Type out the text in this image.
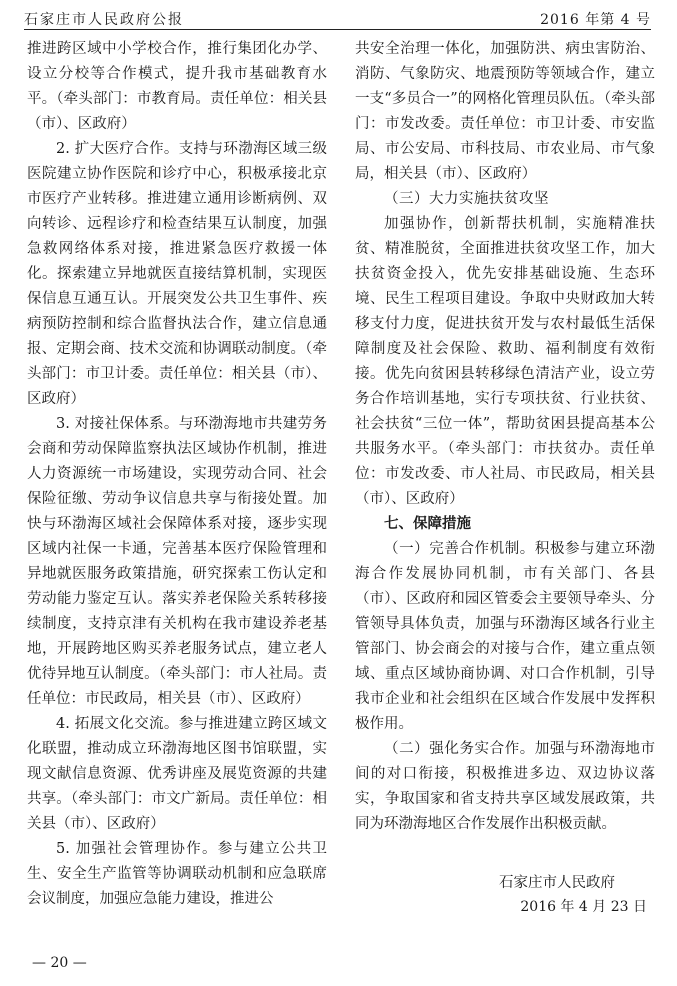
石家庄市人民政府公报	2016 年第 4 号

推进跨区域中小学校合作，推行集团化办学、设立分校等合作模式，提升我市基础教育水平。（牵头部门：市教育局。责任单位：相关县（市）、区政府）

2. 扩大医疗合作。支持与环渤海区域三级医院建立协作医院和诊疗中心，积极承接北京市医疗产业转移。推进建立通用诊断病例、双向转诊、远程诊疗和检查结果互认制度，加强急救网络体系对接，推进紧急医疗救援一体化。探索建立异地就医直接结算机制，实现医保信息互通互认。开展突发公共卫生事件、疾病预防控制和综合监督执法合作，建立信息通报、定期会商、技术交流和协调联动制度。（牵头部门：市卫计委。责任单位：相关县（市）、区政府）

3. 对接社保体系。与环渤海地市共建劳务会商和劳动保障监察执法区域协作机制，推进人力资源统一市场建设，实现劳动合同、社会保险征缴、劳动争议信息共享与衔接处置。加快与环渤海区域社会保障体系对接，逐步实现区域内社保一卡通，完善基本医疗保险管理和异地就医服务政策措施，研究探索工伤认定和劳动能力鉴定互认。落实养老保险关系转移接续制度，支持京津有关机构在我市建设养老基地，开展跨地区购买养老服务试点，建立老人优待异地互认制度。（牵头部门：市人社局。责任单位：市民政局，相关县（市）、区政府）

4. 拓展文化交流。参与推进建立跨区域文化联盟，推动成立环渤海地区图书馆联盟，实现文献信息资源、优秀讲座及展览资源的共建共享。（牵头部门：市文广新局。责任单位：相关县（市）、区政府）

5. 加强社会管理协作。参与建立公共卫生、安全生产监管等协调联动机制和应急联席会议制度，加强应急能力建设，推进公

共安全治理一体化，加强防洪、病虫害防治、消防、气象防灾、地震预防等领域合作，建立一支“多员合一”的网格化管理员队伍。（牵头部门：市发改委。责任单位：市卫计委、市安监局、市公安局、市科技局、市农业局、市气象局，相关县（市）、区政府）

（三）大力实施扶贫攻坚

加强协作，创新帮扶机制，实施精准扶贫、精准脱贫，全面推进扶贫攻坚工作，加大扶贫资金投入，优先安排基础设施、生态环境、民生工程项目建设。争取中央财政加大转移支付力度，促进扶贫开发与农村最低生活保障制度及社会保险、救助、福利制度有效衔接。优先向贫困县转移绿色清洁产业，设立劳务合作培训基地，实行专项扶贫、行业扶贫、社会扶贫“三位一体”，帮助贫困县提高基本公共服务水平。（牵头部门：市扶贫办。责任单位：市发改委、市人社局、市民政局，相关县（市）、区政府）

七、保障措施

（一）完善合作机制。积极参与建立环渤海合作发展协同机制，市有关部门、各县（市）、区政府和园区管委会主要领导牵头、分管领导具体负责，加强与环渤海区域各行业主管部门、协会商会的对接与合作，建立重点领域、重点区域协商协调、对口合作机制，引导我市企业和社会组织在区域合作发展中发挥积极作用。

（二）强化务实合作。加强与环渤海地市间的对口衔接，积极推进多边、双边协议落实，争取国家和省支持共享区域发展政策，共同为环渤海地区合作发展作出积极贡献。

石家庄市人民政府
2016 年 4 月 23 日
— 20 —
